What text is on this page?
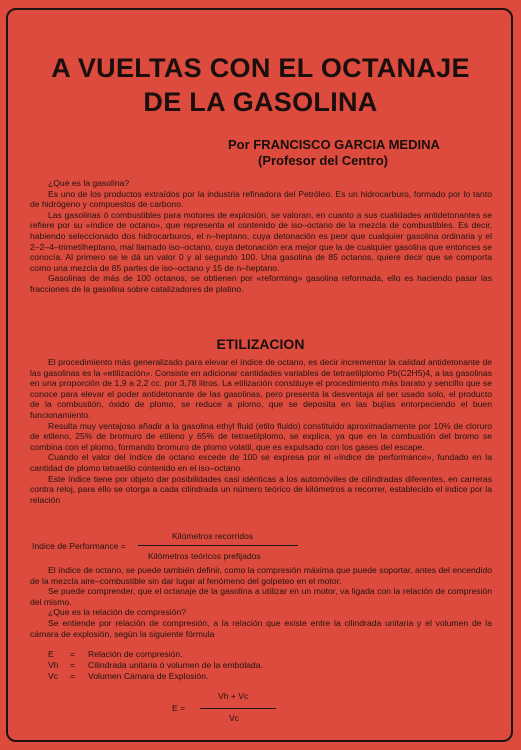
A VUELTAS CON EL OCTANAJE
DE LA GASOLINA
Por FRANCISCO GARCIA MEDINA
(Profesor del Centro)

¿Qué es la gasolina?

Es uno de los productos extraídos por la industria refinadora del Petróleo. Es un hidrocarburo, formado por lo tanto de hidrógeno y compuestos de carbono.

Las gasolinas ó combustibles para motores de explosión, se valoran, en cuanto a sus cualidades antidetonantes se refiere por su «índice de octano», que representa el contenido de iso–octano de la mezcla de combustibles. Es decir, habiendo seleccionado dos hidrocarburos, el n–heptano, cuya detonación es peor que cualquier gasolina ordinaria y el 2–2–4–trimetilheptano, mal llamado iso–octano, cuya detonación era mejor que la de cualquier gasolina que entonces se conocía. Al primero se le dá un valor 0 y al segundo 100. Una gasolina de 85 octanos, quiere decir que se comporta como una mezcla de 85 partes de iso–octano y 15 de n–heptano.

Gasolinas de más de 100 octanos, se obtienen por «reforming» gasolina reformada, ello es haciendo pasar las fracciones de la gasolina sobre catalizadores de platino.

ETILIZACION

El procedimiento más generalizado para elevar el índice de octano, es decir incrementar la calidad antidetonante de las gasolinas es la «etilización». Consiste en adicionar cantidades variables de tetraetilplomo Pb(C2H5)4, a las gasolinas en una proporción de 1,9 a 2,2 cc. por 3,78 litros. La etilización constituye el procedimiento más barato y sencillo que se conoce para elevar el poder antidetonante de las gasolinas, pero presenta la desventaja al ser usado solo, el producto de la combustión, óxido de plomo, se reduce a plomo, que se deposita en las bujías entorpeciendo el buen funcionamiento.

Resulta muy ventajoso añadir a la gasolina ethyl fluid (etilo fluido) constituido aproximadamente por 10% de cloruro de etileno, 25% de bromuro de etileno y 65% de tetraetilplomo, se explica, ya que en la combustión del bromo se combina con el plomo, formando bromuro de plomo volatil, que es expulsado con los gases del escape.

Cuando el valor del índice de octano excede de 100 se expresa por el «índice de performance», fundado en la cantidad de plomo tetraetilo contenido en el iso–octano.

Este índice tiene por objeto dar posibilidades casi idénticas a los automóviles de cilindradas diferentes, en carreras contra reloj, para ello se otorga a cada cilindrada un número teórico de kilómetros a recorrer, establecido el indice por la relación

Indice de Performance =
Kilómetros recorridos
Kilómetros teóricos prefijados

El índice de octano, se puede también definir, como la compresión máxima que puede soportar, antes del encendido de la mezcla aire–combustible sin dar lugar al fenómeno del golpeteo en el motor.

Se puede comprender, que el octanaje de la gasolina a utilizar en un motor, va ligada con la relación de compresión del mismo.

¿Que es la relación de compresión?

Se entiende por relación de compresión, a la relación que existe entre la cilindrada unitaria y el volumen de la cámara de explosión, según la siguiente fórmula

E	=	Relación de compresión.
Vh	=	Cilindrada unitaria ó volumen de la embolada.
Vc	=	Volumen Cámara de Explosión.
E =
Vh + Vc
Vc
